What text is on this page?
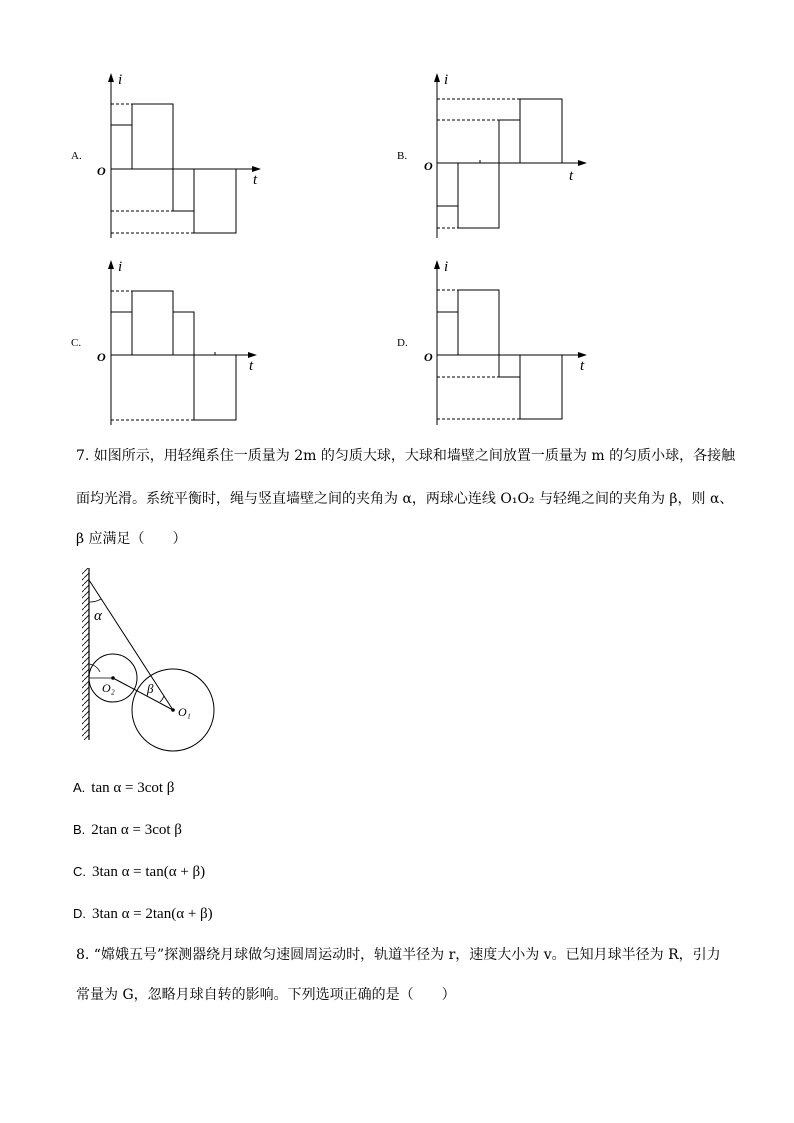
A.
i
t
O
B.
i
t
O
C.
i
t
O
D.
t
i
O
7. 如图所示，用轻绳系住一质量为 2m 的匀质大球，大球和墙壁之间放置一质量为 m 的匀质小球，各接触
面均光滑。系统平衡时，绳与竖直墙壁之间的夹角为 α，两球心连线 O₁O₂ 与轻绳之间的夹角为 β，则 α、
β 应满足（　　）
α
β
O₂
O₁
A. tan α = 3cot β
B. 2tan α = 3cot β
C. 3tan α = tan(α + β)
D. 3tan α = 2tan(α + β)
8. “嫦娥五号”探测器绕月球做匀速圆周运动时，轨道半径为 r，速度大小为 v。已知月球半径为 R，引力
常量为 G，忽略月球自转的影响。下列选项正确的是（　　）
